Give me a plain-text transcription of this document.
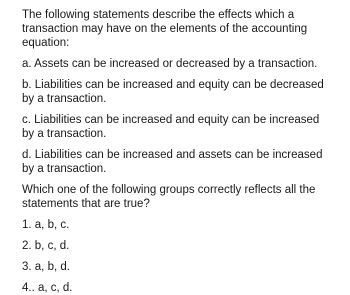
The following statements describe the effects which a transaction may have on the elements of the accounting equation:

a. Assets can be increased or decreased by a transaction.

b. Liabilities can be increased and equity can be decreased by a transaction.

c. Liabilities can be increased and equity can be increased by a transaction.

d. Liabilities can be increased and assets can be increased by a transaction.

Which one of the following groups correctly reflects all the statements that are true?

1. a, b, c.

2. b, c, d.

3. a, b, d.

4.. a, c, d.
